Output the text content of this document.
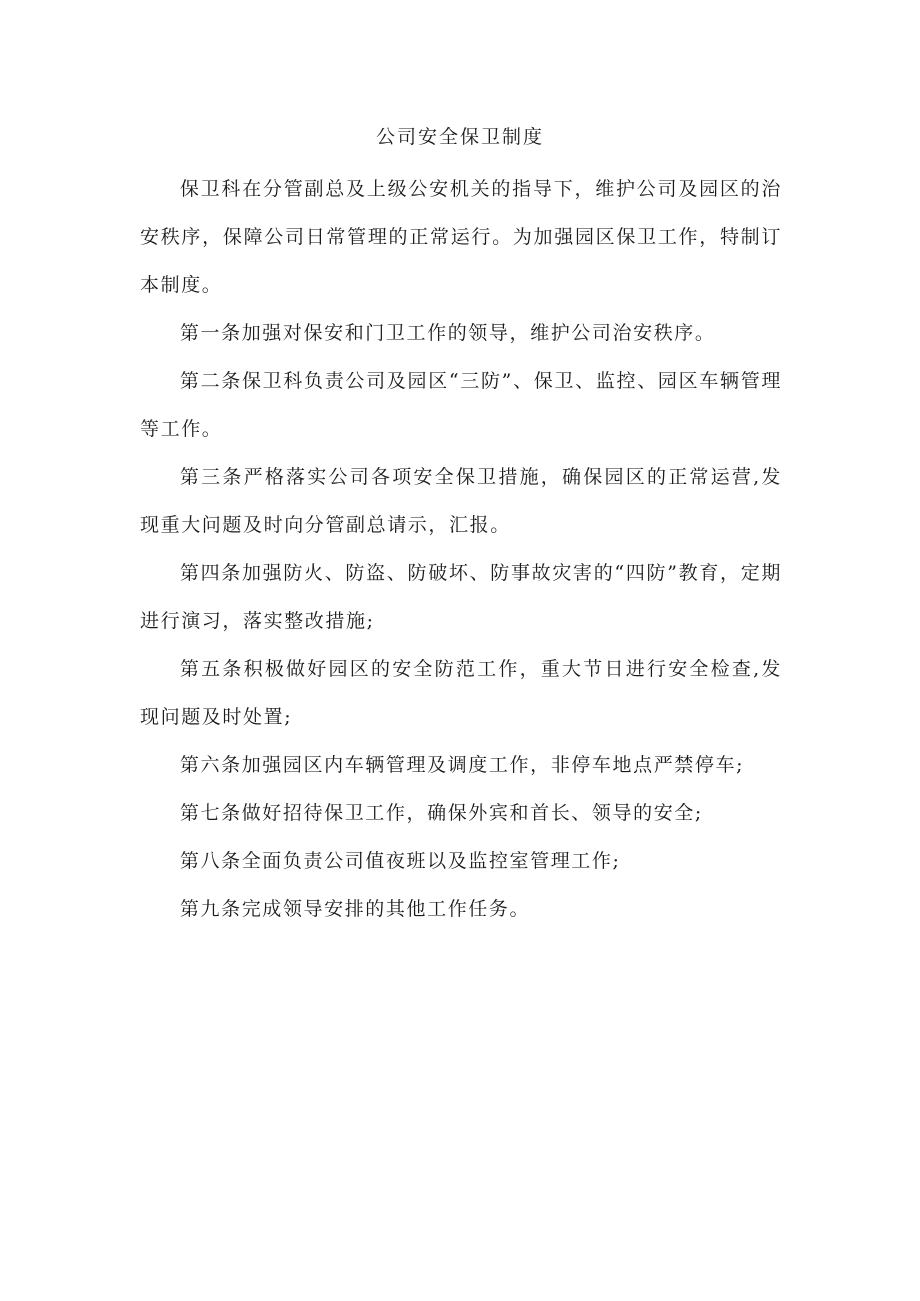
公司安全保卫制度

保卫科在分管副总及上级公安机关的指导下，维护公司及园区的治安秩序，保障公司日常管理的正常运行。为加强园区保卫工作，特制订本制度。

第一条加强对保安和门卫工作的领导，维护公司治安秩序。

第二条保卫科负责公司及园区“三防”、保卫、监控、园区车辆管理等工作。

第三条严格落实公司各项安全保卫措施，确保园区的正常运营,发现重大问题及时向分管副总请示，汇报。

第四条加强防火、防盗、防破坏、防事故灾害的“四防”教育，定期进行演习，落实整改措施;

第五条积极做好园区的安全防范工作，重大节日进行安全检查,发现问题及时处置;

第六条加强园区内车辆管理及调度工作，非停车地点严禁停车;

第七条做好招待保卫工作，确保外宾和首长、领导的安全;

第八条全面负责公司值夜班以及监控室管理工作;

第九条完成领导安排的其他工作任务。
